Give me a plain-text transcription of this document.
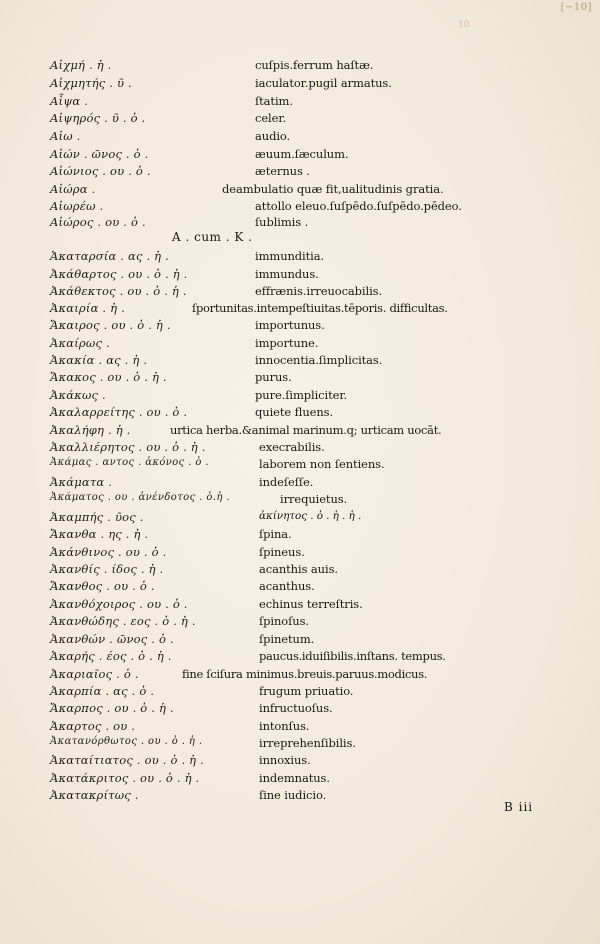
[~10]
10
Αἰχμή . ἡ .	cuſpis.ferrum haſtæ.
Αἰχμητής . ῦ .	iaculator.pugil armatus.
Αἶψα .	ſtatim.
Αἰψηρός . ῦ . ὁ .	celer.
Αἰω .	audio.
Αἰών . ῶνος . ὁ .	æuum.ſæculum.
Αἰώνιος . ου . ὁ .	æternus .
Αἰώρα .	deambulatio quæ fit,ualitudinis gratia.
Αἰωρέω .	attollo eleuo.ſuſpēdo.ſuſpēdo.pēdeo.
Αἰώρος . ου . ὁ .	ſublimis .
A . cum . K .
Ἀκαταρσία . ας . ἡ .	immunditia.
Ἀκάθαρτος . ου . ὁ . ἡ .	immundus.
Ἀκάθεκτος . ου . ὁ . ἡ .	effrænis.irreuocabilis.
Ἀκαιρία . ἡ .	ſportunitas.intempeſtiuitas.tēporis. difficultas.
Ἄκαιρος . ου . ὁ . ἡ .	importunus.
Ἀκαίρως .	importune.
Ἀκακία . ας . ἡ .	innocentia.ſimplicitas.
Ἄκακος . ου . ὁ . ἡ .	purus.
Ἀκάκως .	pure.ſimpliciter.
Ἀκαλαρρείτης . ου . ὁ .	quiete fluens.
Ἀκαλήφη . ἡ .	urtica herba.&animal marinum.q; urticam uocāt.
Ἀκαλλιέρητος . ου . ὁ . ἡ .	execrabilis.
Ἀκάμας . αντος . ἀκόνος . ὁ .	laborem non ſentiens.
Ἀκάματα .	indeſeſſe.
Ἀκάματος . ου . ἀνένδοτος . ὁ.ἡ .	irrequietus.
Ἀκαμπής . ῦος .	ἀκίνητος . ὁ . ἡ . ἡ .
Ἄκανθα . ης . ἡ .	ſpina.
Ἀκάνθινος . ου . ὁ .	ſpineus.
Ἀκανθίς . ίδος . ἡ .	acanthis auis.
Ἄκανθος . ου . ὁ .	acanthus.
Ἀκανθόχοιρος . ου . ὁ .	echinus terreſtris.
Ἀκανθώδης . εος . ὁ . ἡ .	ſpinoſus.
Ἀκανθών . ῶνος . ὁ .	ſpinetum.
Ἀκαρής . έος . ὁ . ἡ .	paucus.iduiſibilis.inſtans. tempus.
Ἀκαριαῖος . ὁ .	fine ſciſura minimus.breuis.paruus.modicus.
Ἀκαρπία . ας . ὁ .	frugum priuatio.
Ἄκαρπος . ου . ὁ . ἡ .	infructuoſus.
Ἀκαρτος . ου .	intonſus.
Ἀκατανόρθωτος . ου . ὁ . ἡ .	irreprehenſibilis.
Ἀκαταίτιατος . ου . ὁ . ἡ .	innoxius.
Ἀκατάκριτος . ου . ὁ . ἡ .	indemnatus.
Ἀκατακρίτως .	ſine iudicio.
B iii
